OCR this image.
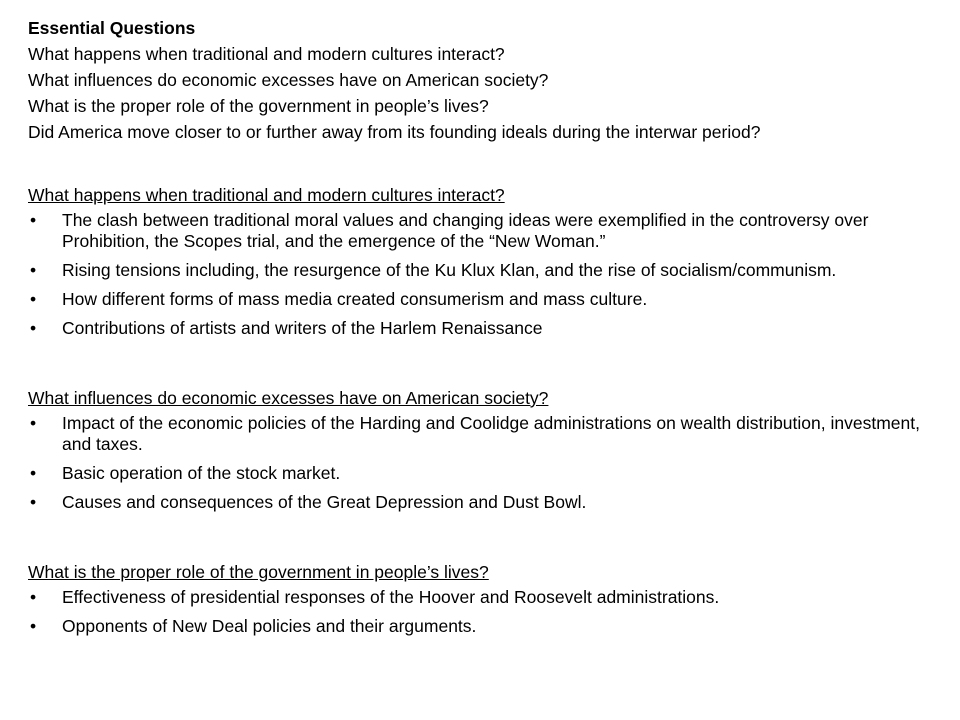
Essential Questions
What happens when traditional and modern cultures interact?
What influences do economic excesses have on American society?
What is the proper role of the government in people’s lives?
Did America move closer to or further away from its founding ideals during the interwar period?
What happens when traditional and modern cultures interact?
• The clash between traditional moral values and changing ideas were exemplified in the controversy over Prohibition, the Scopes trial, and the emergence of the “New Woman.”
• Rising tensions including, the resurgence of the Ku Klux Klan, and the rise of socialism/communism.
• How different forms of mass media created consumerism and mass culture.
• Contributions of artists and writers of the Harlem Renaissance
What influences do economic excesses have on American society?
• Impact of the economic policies of the Harding and Coolidge administrations on wealth distribution, investment, and taxes.
• Basic operation of the stock market.
• Causes and consequences of the Great Depression and Dust Bowl.
What is the proper role of the government in people’s lives?
• Effectiveness of presidential responses of the Hoover and Roosevelt administrations.
• Opponents of New Deal policies and their arguments.
